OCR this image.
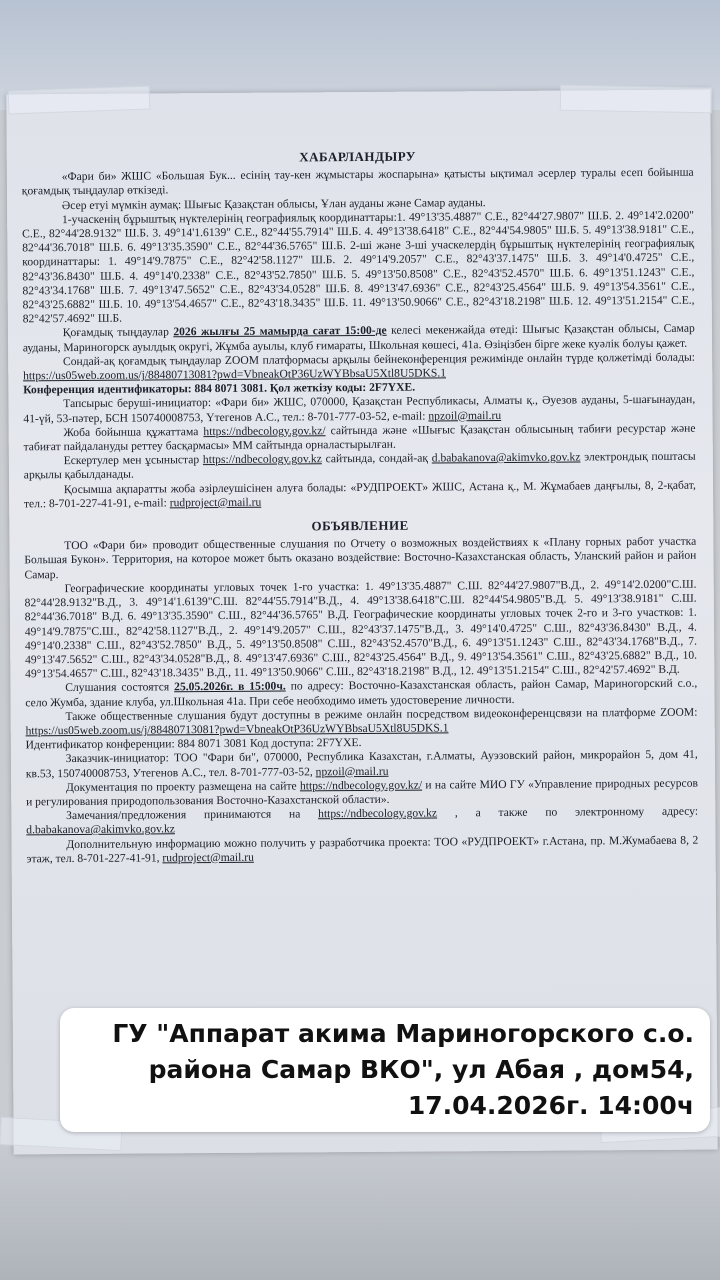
ХАБАРЛАНДЫРУ

«Фари би» ЖШС «Большая Бук... есінің тау-кен жұмыстары жоспарына» қатысты ықтимал әсерлер туралы есеп бойынша қоғамдық тыңдаулар өткізеді.

Әсер етуі мүмкін аумақ: Шығыс Қазақстан облысы, Ұлан ауданы және Самар ауданы.

1-учаскенің бұрыштық нүктелерінің географиялық координаттары:1. 49°13'35.4887" С.Е., 82°44'27.9807" Ш.Б. 2. 49°14'2.0200" С.Е., 82°44'28.9132" Ш.Б. 3. 49°14'1.6139" С.Е., 82°44'55.7914" Ш.Б. 4. 49°13'38.6418" С.Е., 82°44'54.9805" Ш.Б. 5. 49°13'38.9181" С.Е., 82°44'36.7018" Ш.Б. 6. 49°13'35.3590" С.Е., 82°44'36.5765" Ш.Б. 2-ші және 3-ші учаскелердің бұрыштық нүктелерінің географиялық координаттары: 1. 49°14'9.7875" С.Е., 82°42'58.1127" Ш.Б. 2. 49°14'9.2057" С.Е., 82°43'37.1475" Ш.Б. 3. 49°14'0.4725" С.Е., 82°43'36.8430" Ш.Б. 4. 49°14'0.2338" С.Е., 82°43'52.7850" Ш.Б. 5. 49°13'50.8508" С.Е., 82°43'52.4570" Ш.Б. 6. 49°13'51.1243" С.Е., 82°43'34.1768" Ш.Б. 7. 49°13'47.5652" С.Е., 82°43'34.0528" Ш.Б. 8. 49°13'47.6936" С.Е., 82°43'25.4564" Ш.Б. 9. 49°13'54.3561" С.Е., 82°43'25.6882" Ш.Б. 10. 49°13'54.4657" С.Е., 82°43'18.3435" Ш.Б. 11. 49°13'50.9066" С.Е., 82°43'18.2198" Ш.Б. 12. 49°13'51.2154" С.Е., 82°42'57.4692" Ш.Б.

Қоғамдық тыңдаулар 2026 жылғы 25 мамырда сағат 15:00-де келесі мекенжайда өтеді: Шығыс Қазақстан облысы, Самар ауданы, Мариногорск ауылдық округі, Жұмба ауылы, клуб ғимараты, Школьная көшесі, 41а. Өзіңізбен бірге жеке куәлік болуы қажет.

Сондай-ақ қоғамдық тыңдаулар ZOOM платформасы арқылы бейнеконференция режимінде онлайн түрде қолжетімді болады: https://us05web.zoom.us/j/88480713081?pwd=VbneakOtP36UzWYBbsaU5Xtl8U5DKS.1

Конференция идентификаторы: 884 8071 3081. Қол жеткізу коды: 2F7YXE.

Тапсырыс беруші-инициатор: «Фари би» ЖШС, 070000, Қазақстан Республикасы, Алматы қ., Әуезов ауданы, 5-шағынаудан, 41-үй, 53-пәтер, БСН 150740008753, Үтегенов А.С., тел.: 8-701-777-03-52, e-mail: npzoil@mail.ru

Жоба бойынша құжаттама https://ndbecology.gov.kz/ сайтында және «Шығыс Қазақстан облысының табиғи ресурстар және табиғат пайдалануды реттеу басқармасы» ММ сайтында орналастырылған.

Ескертулер мен ұсыныстар https://ndbecology.gov.kz сайтында, сондай-ақ d.babakanova@akimvko.gov.kz электрондық поштасы арқылы қабылданады.

Қосымша ақпаратты жоба әзірлеушісінен алуға болады: «РУДПРОЕКТ» ЖШС, Астана қ., М. Жұмабаев даңғылы, 8, 2-қабат, тел.: 8-701-227-41-91, e-mail: rudproject@mail.ru

ОБЪЯВЛЕНИЕ

ТОО «Фари би» проводит общественные слушания по Отчету о возможных воздействиях к «Плану горных работ участка Большая Букон». Территория, на которое может быть оказано воздействие: Восточно-Казахстанская область, Уланский район и район Самар.

Географические координаты угловых точек 1-го участка: 1. 49°13'35.4887" С.Ш. 82°44'27.9807"В.Д., 2. 49°14'2.0200"С.Ш. 82°44'28.9132"В.Д., 3. 49°14'1.6139"С.Ш. 82°44'55.7914"В.Д., 4. 49°13'38.6418"С.Ш. 82°44'54.9805"В.Д. 5. 49°13'38.9181" С.Ш. 82°44'36.7018" В.Д. 6. 49°13'35.3590" С.Ш., 82°44'36.5765" В.Д. Географические координаты угловых точек 2-го и 3-го участков: 1. 49°14'9.7875"С.Ш., 82°42'58.1127"В.Д., 2. 49°14'9.2057" С.Ш., 82°43'37.1475"В.Д., 3. 49°14'0.4725" С.Ш., 82°43'36.8430" В.Д., 4. 49°14'0.2338" С.Ш., 82°43'52.7850" В.Д., 5. 49°13'50.8508" С.Ш., 82°43'52.4570"В.Д., 6. 49°13'51.1243" С.Ш., 82°43'34.1768"В.Д., 7. 49°13'47.5652" С.Ш., 82°43'34.0528"В.Д., 8. 49°13'47.6936" С.Ш., 82°43'25.4564" В.Д., 9. 49°13'54.3561" С.Ш., 82°43'25.6882" В.Д., 10. 49°13'54.4657" С.Ш., 82°43'18.3435" В.Д., 11. 49°13'50.9066" С.Ш., 82°43'18.2198" В.Д., 12. 49°13'51.2154" С.Ш., 82°42'57.4692" В.Д.

Слушания состоятся 25.05.2026г. в 15:00ч. по адресу: Восточно-Казахстанская область, район Самар, Мариногорский с.о., село Жумба, здание клуба, ул.Школьная 41а. При себе необходимо иметь удостоверение личности.

Также общественные слушания будут доступны в режиме онлайн посредством видеоконференцсвязи на платформе ZOOM: https://us05web.zoom.us/j/88480713081?pwd=VbneakOtP36UzWYBbsaU5Xtl8U5DKS.1

Идентификатор конференции: 884 8071 3081 Код доступа: 2F7YXE.

Заказчик-инициатор: ТОО "Фари би", 070000, Республика Казахстан, г.Алматы, Ауэзовский район, микрорайон 5, дом 41, кв.53, 150740008753, Утегенов А.С., тел. 8-701-777-03-52, npzoil@mail.ru

Документация по проекту размещена на сайте https://ndbecology.gov.kz/ и на сайте МИО ГУ «Управление природных ресурсов и регулирования природопользования Восточно-Казахстанской области».

Замечания/предложения принимаются на https://ndbecology.gov.kz , а также по электронному адресу: d.babakanova@akimvko.gov.kz

Дополнительную информацию можно получить у разработчика проекта: ТОО «РУДПРОЕКТ» г.Астана, пр. М.Жумабаева 8, 2 этаж, тел. 8-701-227-41-91, rudproject@mail.ru

ГУ "Аппарат акима Мариногорского с.о.
района Самар ВКО", ул Абая , дом54,
17.04.2026г. 14:00ч
